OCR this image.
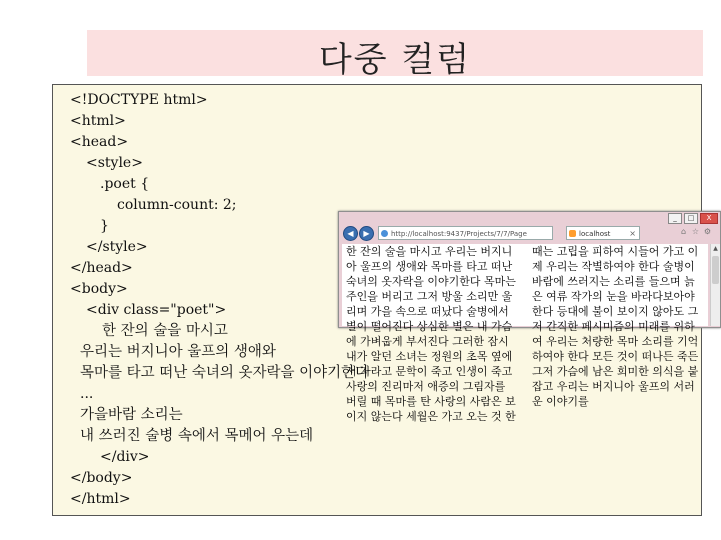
다중 컬럼
<!DOCTYPE html>
<html>
<head>
<style>
.poet {
column-count: 2;
}
</style>
</head>
<body>
<div class="poet">
한 잔의 술을 마시고
우리는 버지니아 울프의 생애와
목마를 타고 떠난 숙녀의 옷자락을 이야기한다
...
가을바람 소리는
내 쓰러진 술병 속에서 목메어 우는데
</div>
</body>
</html>
_	□	X
◀	▶	http://localhost:9437/Projects/7/7/Page	localhost ×	⌂ ☆ ⚙
한 잔의 술을 마시고 우리는 버지니아 울프의 생애와 목마를 타고 떠난 숙녀의 옷자락을 이야기한다 목마는 주인을 버리고 그저 방울 소리만 울리며 가을 속으로 떠났다 술병에서 별이 떨어진다 상심한 별은 내 가슴에 가벼웁게 부서진다 그러한 잠시 내가 알던 소녀는 정원의 초목 옆에서 자라고 문학이 죽고 인생이 죽고 사랑의 진리마저 애증의 그림자를 버릴 때 목마를 탄 사랑의 사람은 보이지 않는다 세월은 가고 오는 것 한때는 고립을 피하여 시들어 가고 이제 우리는 작별하여야 한다 술병이 바람에 쓰러지는 소리를 들으며 늙은 여류 작가의 눈을 바라다보아야 한다 등대에 불이 보이지 않아도 그저 간직한 페시미즘의 미래를 위하여 우리는 처량한 목마 소리를 기억하여야 한다 모든 것이 떠나든 죽든 그저 가슴에 남은 희미한 의식을 붙잡고 우리는 버지니아 울프의 서러운 이야기를
▲
